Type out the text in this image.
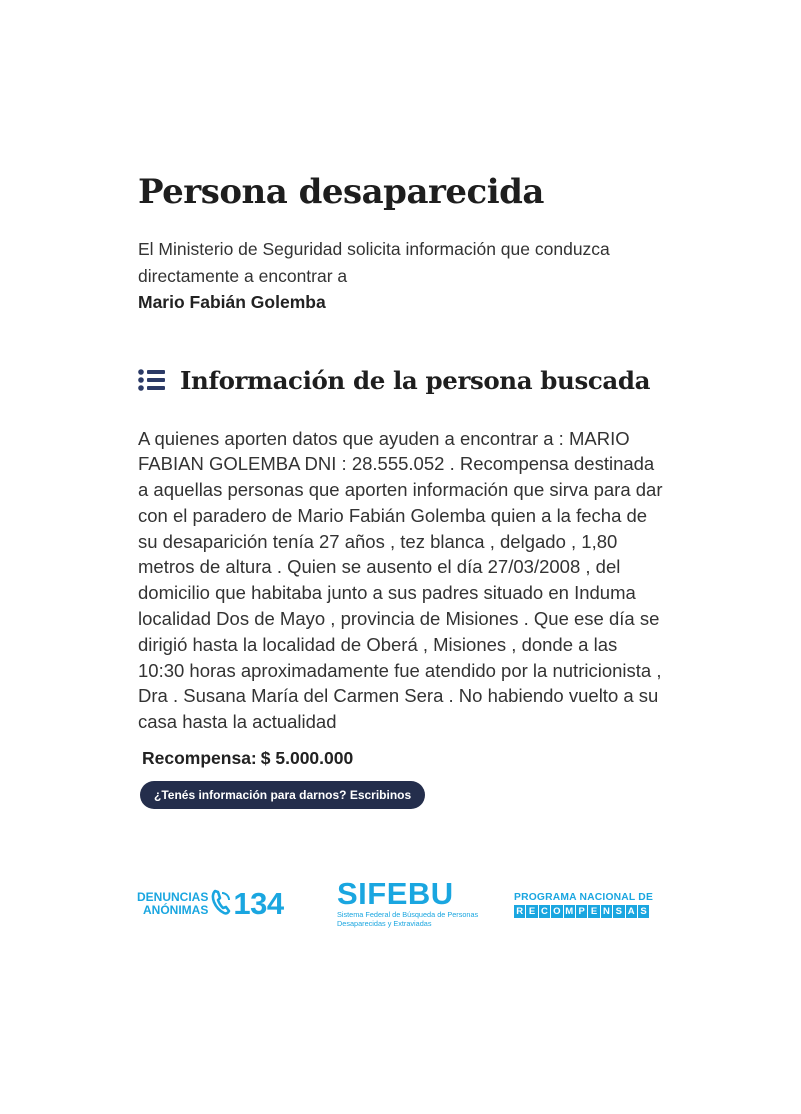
Persona desaparecida
El Ministerio de Seguridad solicita información que conduzca directamente a encontrar a
Mario Fabián Golemba
Información de la persona buscada
A quienes aporten datos que ayuden a encontrar a : MARIO FABIAN GOLEMBA DNI : 28.555.052 . Recompensa destinada a aquellas personas que aporten información que sirva para dar con el paradero de Mario Fabián Golemba quien a la fecha de su desaparición tenía 27 años , tez blanca , delgado , 1,80 metros de altura . Quien se ausento el día 27/03/2008 , del domicilio que habitaba junto a sus padres situado en Induma localidad Dos de Mayo , provincia de Misiones . Que ese día se dirigió hasta la localidad de Oberá , Misiones , donde a las 10:30 horas aproximadamente fue atendido por la nutricionista , Dra . Susana María del Carmen Sera . No habiendo vuelto a su casa hasta la actualidad
Recompensa: $ 5.000.000
¿Tenés información para darnos? Escribinos
DENUNCIAS
ANÓNIMAS 134 SIFEBU
Sistema Federal de Búsqueda de Personas
Desaparecidas y Extraviadas
PROGRAMA NACIONAL DE
R E C O M P E N S A S
